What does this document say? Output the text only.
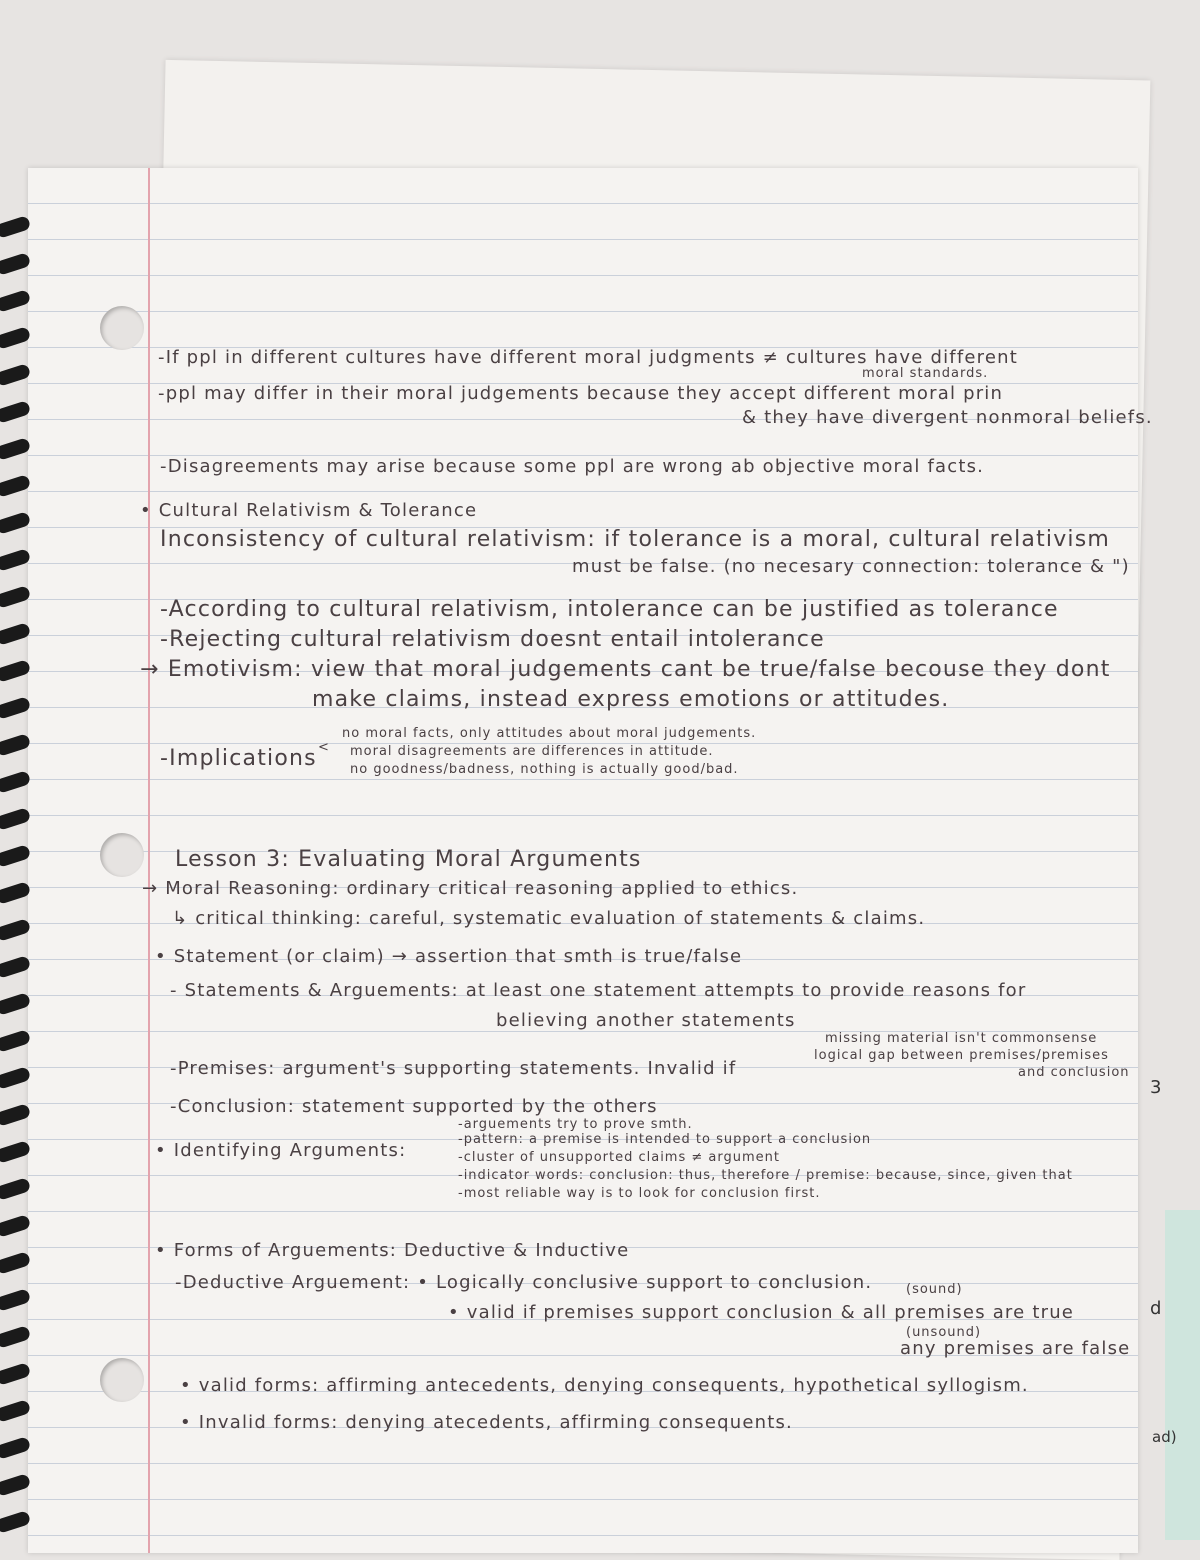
-If ppl in different cultures have different moral judgments ≠ cultures have different
moral standards.
-ppl may differ in their moral judgements because they accept different moral prin
& they have divergent nonmoral beliefs.
-Disagreements may arise because some ppl are wrong ab objective moral facts.
• Cultural Relativism & Tolerance
Inconsistency of cultural relativism: if tolerance is a moral, cultural relativism
must be false. (no necesary connection: tolerance & ")
-According to cultural relativism, intolerance can be justified as tolerance
-Rejecting cultural relativism doesnt entail intolerance
→ Emotivism: view that moral judgements cant be true/false becouse they dont
make claims, instead express emotions or attitudes.
-Implications <
no moral facts, only attitudes about moral judgements.
moral disagreements are differences in attitude.
no goodness/badness, nothing is actually good/bad.
Lesson 3: Evaluating Moral Arguments
→ Moral Reasoning: ordinary critical reasoning applied to ethics.
↳ critical thinking: careful, systematic evaluation of statements & claims.
• Statement (or claim) → assertion that smth is true/false
- Statements & Arguements: at least one statement attempts to provide reasons for
believing another statements
missing material isn't commonsense
-Premises: argument's supporting statements. Invalid if
logical gap between premises/premises
and conclusion
-Conclusion: statement supported by the others
• Identifying Arguments:
-arguements try to prove smth.
-pattern: a premise is intended to support a conclusion
-cluster of unsupported claims ≠ argument
-indicator words: conclusion: thus, therefore / premise: because, since, given that
-most reliable way is to look for conclusion first.
• Forms of Arguements: Deductive & Inductive
-Deductive Arguement: • Logically conclusive support to conclusion.	(sound)
• valid if premises support conclusion & all premises are true
(unsound)
any premises are false
• valid forms: affirming antecedents, denying consequents, hypothetical syllogism.
• Invalid forms: denying atecedents, affirming consequents.
3
d
ad)
